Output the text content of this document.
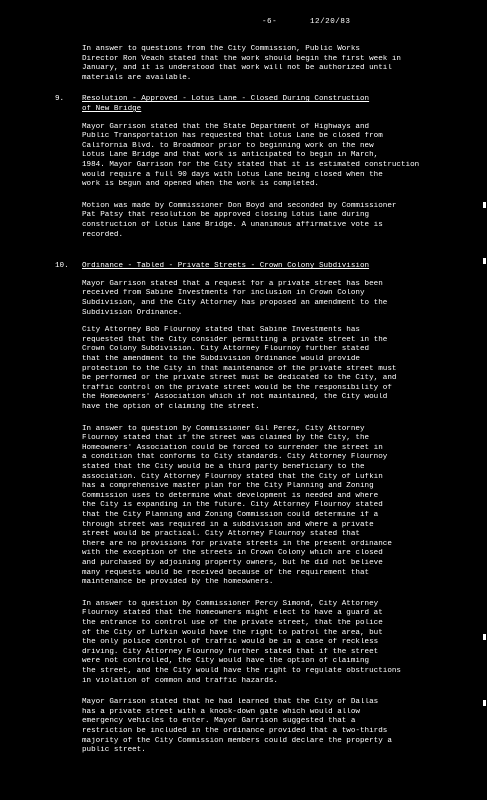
-6-	12/20/83
In answer to questions from the City Commission, Public Works
Director Ron Veach stated that the work should begin the first week in
January, and it is understood that work will not be authorized until
materials are available.
9. Resolution - Approved - Lotus Lane - Closed During Construction
of New Bridge
Mayor Garrison stated that the State Department of Highways and
Public Transportation has requested that Lotus Lane be closed from
California Blvd. to Broadmoor prior to beginning work on the new
Lotus Lane Bridge and that work is anticipated to begin in March,
1984. Mayor Garrison for the City stated that it is estimated construction
would require a full 90 days with Lotus Lane being closed when the
work is begun and opened when the work is completed.
Motion was made by Commissioner Don Boyd and seconded by Commissioner
Pat Patsy that resolution be approved closing Lotus Lane during
construction of Lotus Lane Bridge. A unanimous affirmative vote is
recorded.
10. Ordinance - Tabled - Private Streets - Crown Colony Subdivision
Mayor Garrison stated that a request for a private street has been
received from Sabine Investments for inclusion in Crown Colony
Subdivision, and the City Attorney has proposed an amendment to the
Subdivision Ordinance.
City Attorney Bob Flournoy stated that Sabine Investments has
requested that the City consider permitting a private street in the
Crown Colony Subdivision. City Attorney Flournoy further stated
that the amendment to the Subdivision Ordinance would provide
protection to the City in that maintenance of the private street must
be performed or the private street must be dedicated to the City, and
traffic control on the private street would be the responsibility of
the Homeowners' Association which if not maintained, the City would
have the option of claiming the street.
In answer to question by Commissioner Gil Perez, City Attorney
Flournoy stated that if the street was claimed by the City, the
Homeowners' Association could be forced to surrender the street in
a condition that conforms to City standards. City Attorney Flournoy
stated that the City would be a third party beneficiary to the
association. City Attorney Flournoy stated that the City of Lufkin
has a comprehensive master plan for the City Planning and Zoning
Commission uses to determine what development is needed and where
the City is expanding in the future. City Attorney Flournoy stated
that the City Planning and Zoning Commission could determine if a
through street was required in a subdivision and where a private
street would be practical. City Attorney Flournoy stated that
there are no provisions for private streets in the present ordinance
with the exception of the streets in Crown Colony which are closed
and purchased by adjoining property owners, but he did not believe
many requests would be received because of the requirement that
maintenance be provided by the homeowners.
In answer to question by Commissioner Percy Simond, City Attorney
Flournoy stated that the homeowners might elect to have a guard at
the entrance to control use of the private street, that the police
of the City of Lufkin would have the right to patrol the area, but
the only police control of traffic would be in a case of reckless
driving. City Attorney Flournoy further stated that if the street
were not controlled, the City would have the option of claiming
the street, and the City would have the right to regulate obstructions
in violation of common and traffic hazards.
Mayor Garrison stated that he had learned that the City of Dallas
has a private street with a knock-down gate which would allow
emergency vehicles to enter. Mayor Garrison suggested that a
restriction be included in the ordinance provided that a two-thirds
majority of the City Commission members could declare the property a
public street.
